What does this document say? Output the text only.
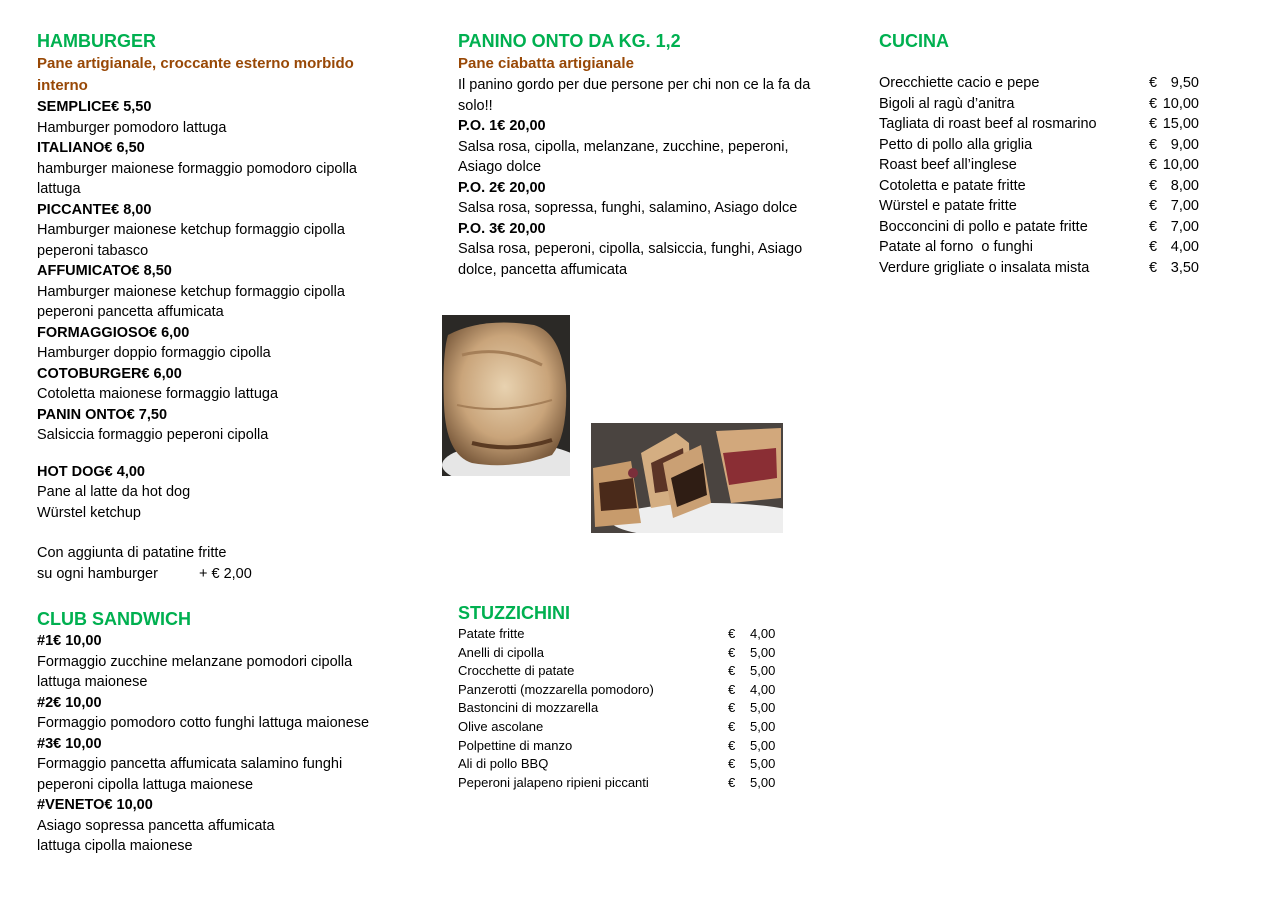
HAMBURGER

Pane artigianale, croccante esterno morbido interno

SEMPLICE€ 5,50

Hamburger pomodoro lattuga

ITALIANO€ 6,50

hamburger maionese formaggio pomodoro cipolla lattuga

PICCANTE€ 8,00

Hamburger maionese ketchup formaggio cipolla peperoni tabasco

AFFUMICATO€ 8,50

Hamburger maionese ketchup formaggio cipolla peperoni pancetta affumicata

FORMAGGIOSO€ 6,00

Hamburger doppio formaggio cipolla

COTOBURGER€ 6,00

Cotoletta maionese formaggio lattuga

PANIN ONTO€ 7,50

Salsiccia formaggio peperoni cipolla

HOT DOG€ 4,00

Pane al latte da hot dog

Würstel ketchup

Con aggiunta di patatine fritte

su ogni hamburger	+ € 2,00

CLUB SANDWICH

#1€ 10,00

Formaggio zucchine melanzane pomodori cipolla lattuga maionese

#2€ 10,00

Formaggio pomodoro cotto funghi lattuga maionese

#3€ 10,00

Formaggio pancetta affumicata salamino funghi peperoni cipolla lattuga maionese

#VENETO€ 10,00

Asiago sopressa pancetta affumicata lattuga cipolla maionese

PANINO ONTO DA KG. 1,2

Pane ciabatta artigianale

Il panino gordo per due persone per chi non ce la fa da solo!!

P.O. 1€ 20,00

Salsa rosa, cipolla, melanzane, zucchine, peperoni, Asiago dolce

P.O. 2€ 20,00

Salsa rosa, sopressa, funghi, salamino, Asiago dolce

P.O. 3€ 20,00

Salsa rosa, peperoni, cipolla, salsiccia, funghi, Asiago dolce, pancetta affumicata

STUZZICHINI

Patate fritte	€	4,00
Anelli di cipolla	€	5,00
Crocchette di patate	€	5,00
Panzerotti (mozzarella pomodoro)	€	4,00
Bastoncini di mozzarella	€	5,00
Olive ascolane	€	5,00
Polpettine di manzo	€	5,00
Ali di pollo BBQ	€	5,00
Peperoni jalapeno ripieni piccanti	€	5,00

CUCINA

Orecchiette cacio e pepe	€ 9,50
Bigoli al ragù d’anitra	€ 10,00
Tagliata di roast beef al rosmarino	€ 15,00
Petto di pollo alla griglia	€ 9,00
Roast beef all’inglese	€ 10,00
Cotoletta e patate fritte	€ 8,00
Würstel e patate fritte	€ 7,00
Bocconcini di pollo e patate fritte	€ 7,00
Patate al forno  o funghi	€ 4,00
Verdure grigliate o insalata mista	€ 3,50
